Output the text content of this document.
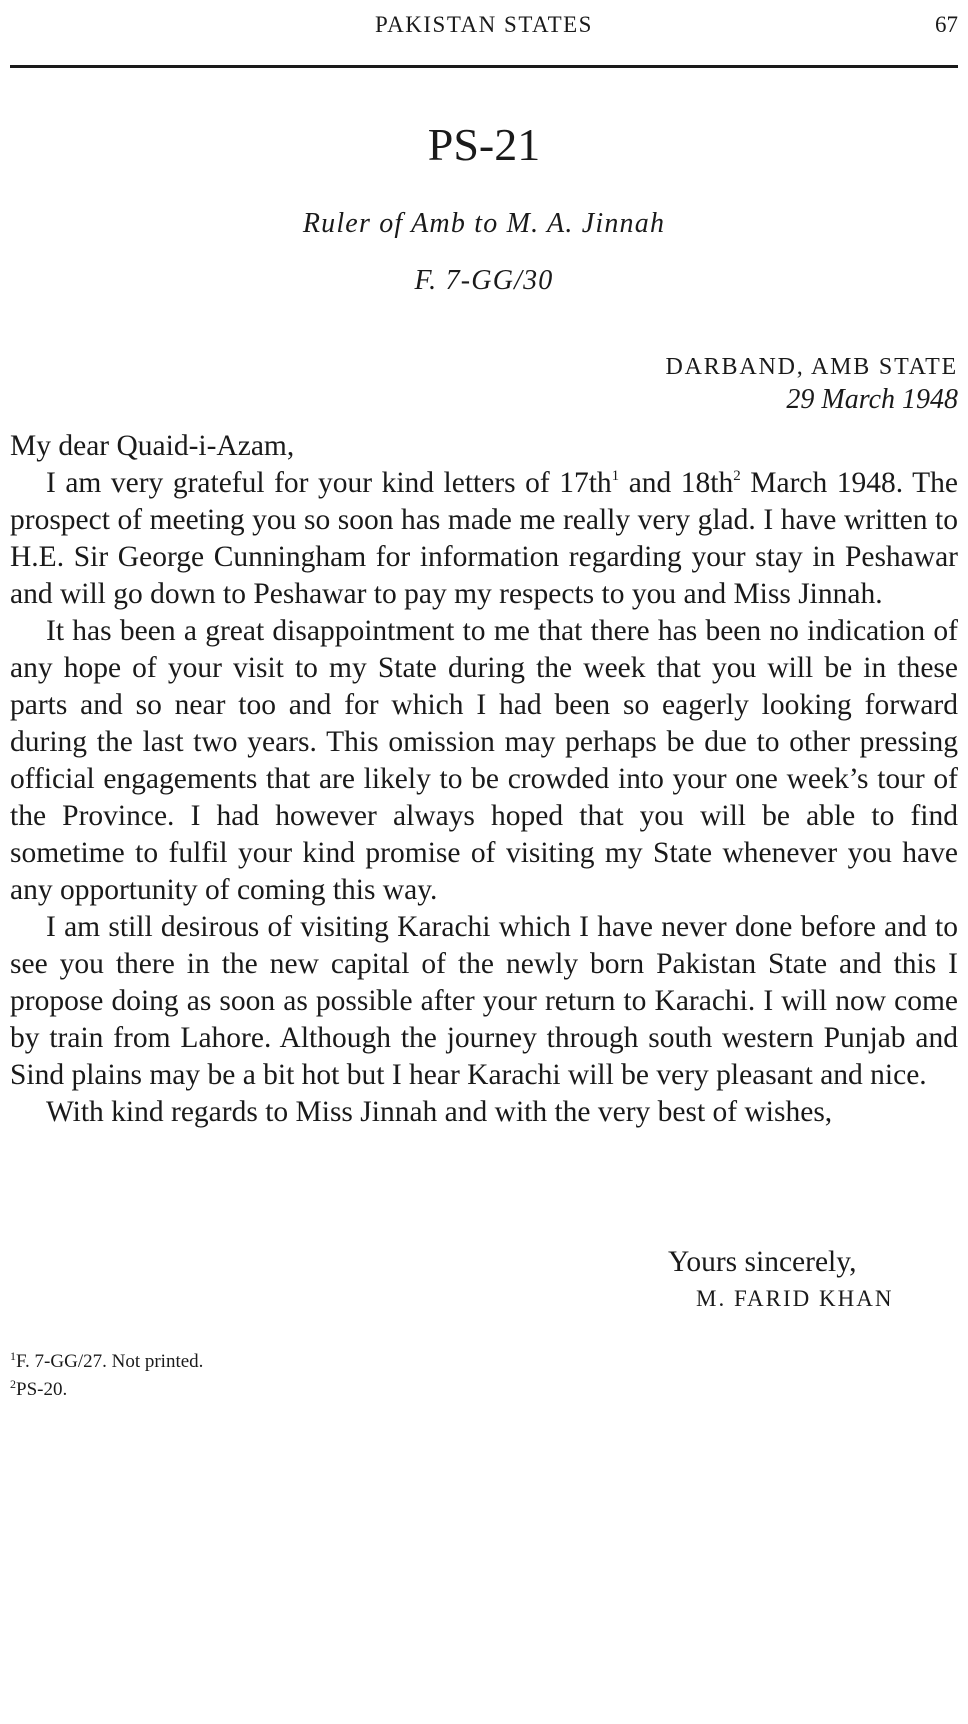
PAKISTAN STATES	67
PS-21
Ruler of Amb to M. A. Jinnah
F. 7-GG/30
DARBAND, AMB STATE
29 March 1948

My dear Quaid-i-Azam,

I am very grateful for your kind letters of 17th$^1$ and 18th$^2$ March 1948. The prospect of meeting you so soon has made me really very glad. I have written to H.E. Sir George Cunningham for information regarding your stay in Peshawar and will go down to Peshawar to pay my respects to you and Miss Jinnah.

It has been a great disappointment to me that there has been no indication of any hope of your visit to my State during the week that you will be in these parts and so near too and for which I had been so eagerly looking forward during the last two years. This omission may perhaps be due to other pressing official engagements that are likely to be crowded into your one week’s tour of the Province. I had however always hoped that you will be able to find sometime to fulfil your kind promise of visiting my State whenever you have any opportunity of coming this way.

I am still desirous of visiting Karachi which I have never done before and to see you there in the new capital of the newly born Pakistan State and this I propose doing as soon as possible after your return to Karachi. I will now come by train from Lahore. Although the journey through south western Punjab and Sind plains may be a bit hot but I hear Karachi will be very pleasant and nice.

With kind regards to Miss Jinnah and with the very best of wishes,

Yours sincerely,
M. FARID KHAN

$^1$F. 7-GG/27. Not printed.

$^2$PS-20.
